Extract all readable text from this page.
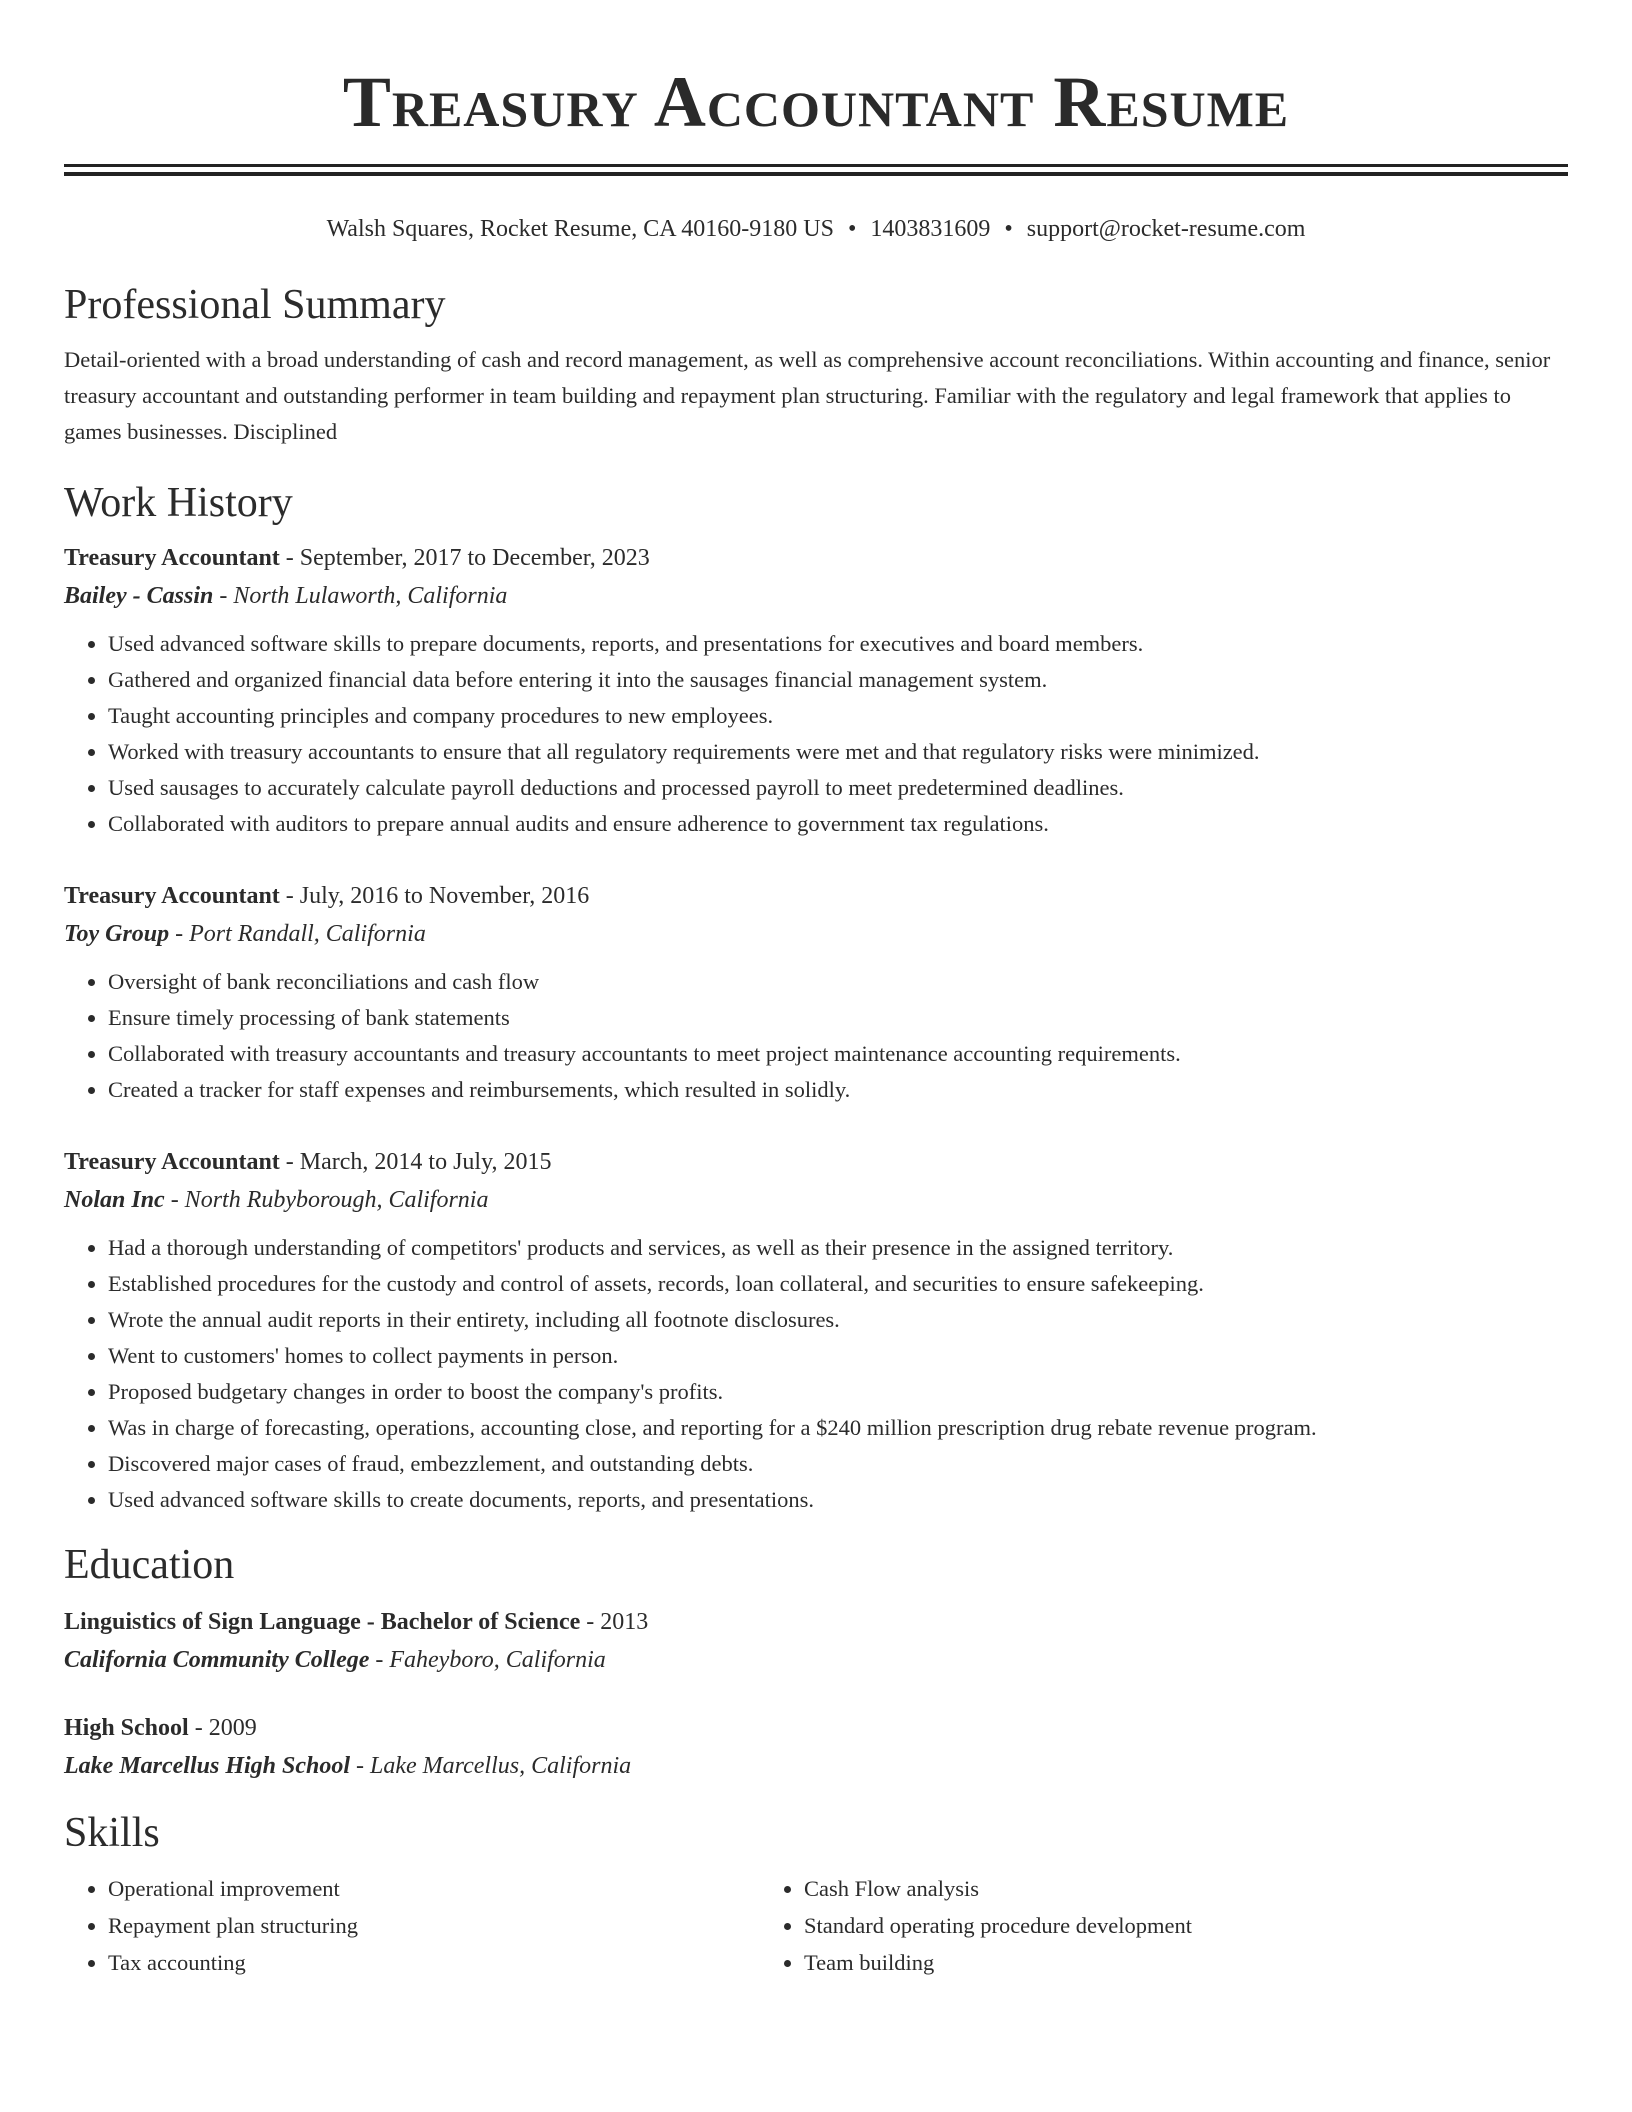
Treasury Accountant Resume
Walsh Squares, Rocket Resume, CA 40160-9180 US • 1403831609 • support@rocket-resume.com
Professional Summary
Detail-oriented with a broad understanding of cash and record management, as well as comprehensive account reconciliations. Within accounting and finance, senior treasury accountant and outstanding performer in team building and repayment plan structuring. Familiar with the regulatory and legal framework that applies to games businesses. Disciplined
Work History
Treasury Accountant - September, 2017 to December, 2023
Bailey - Cassin - North Lulaworth, California
• Used advanced software skills to prepare documents, reports, and presentations for executives and board members.
• Gathered and organized financial data before entering it into the sausages financial management system.
• Taught accounting principles and company procedures to new employees.
• Worked with treasury accountants to ensure that all regulatory requirements were met and that regulatory risks were minimized.
• Used sausages to accurately calculate payroll deductions and processed payroll to meet predetermined deadlines.
• Collaborated with auditors to prepare annual audits and ensure adherence to government tax regulations.
Treasury Accountant - July, 2016 to November, 2016
Toy Group - Port Randall, California
• Oversight of bank reconciliations and cash flow
• Ensure timely processing of bank statements
• Collaborated with treasury accountants and treasury accountants to meet project maintenance accounting requirements.
• Created a tracker for staff expenses and reimbursements, which resulted in solidly.
Treasury Accountant - March, 2014 to July, 2015
Nolan Inc - North Rubyborough, California
• Had a thorough understanding of competitors' products and services, as well as their presence in the assigned territory.
• Established procedures for the custody and control of assets, records, loan collateral, and securities to ensure safekeeping.
• Wrote the annual audit reports in their entirety, including all footnote disclosures.
• Went to customers' homes to collect payments in person.
• Proposed budgetary changes in order to boost the company's profits.
• Was in charge of forecasting, operations, accounting close, and reporting for a $240 million prescription drug rebate revenue program.
• Discovered major cases of fraud, embezzlement, and outstanding debts.
• Used advanced software skills to create documents, reports, and presentations.
Education
Linguistics of Sign Language - Bachelor of Science - 2013
California Community College - Faheyboro, California
High School - 2009
Lake Marcellus High School - Lake Marcellus, California
Skills
• Operational improvement
• Repayment plan structuring
• Tax accounting
• Cash Flow analysis
• Standard operating procedure development
• Team building
